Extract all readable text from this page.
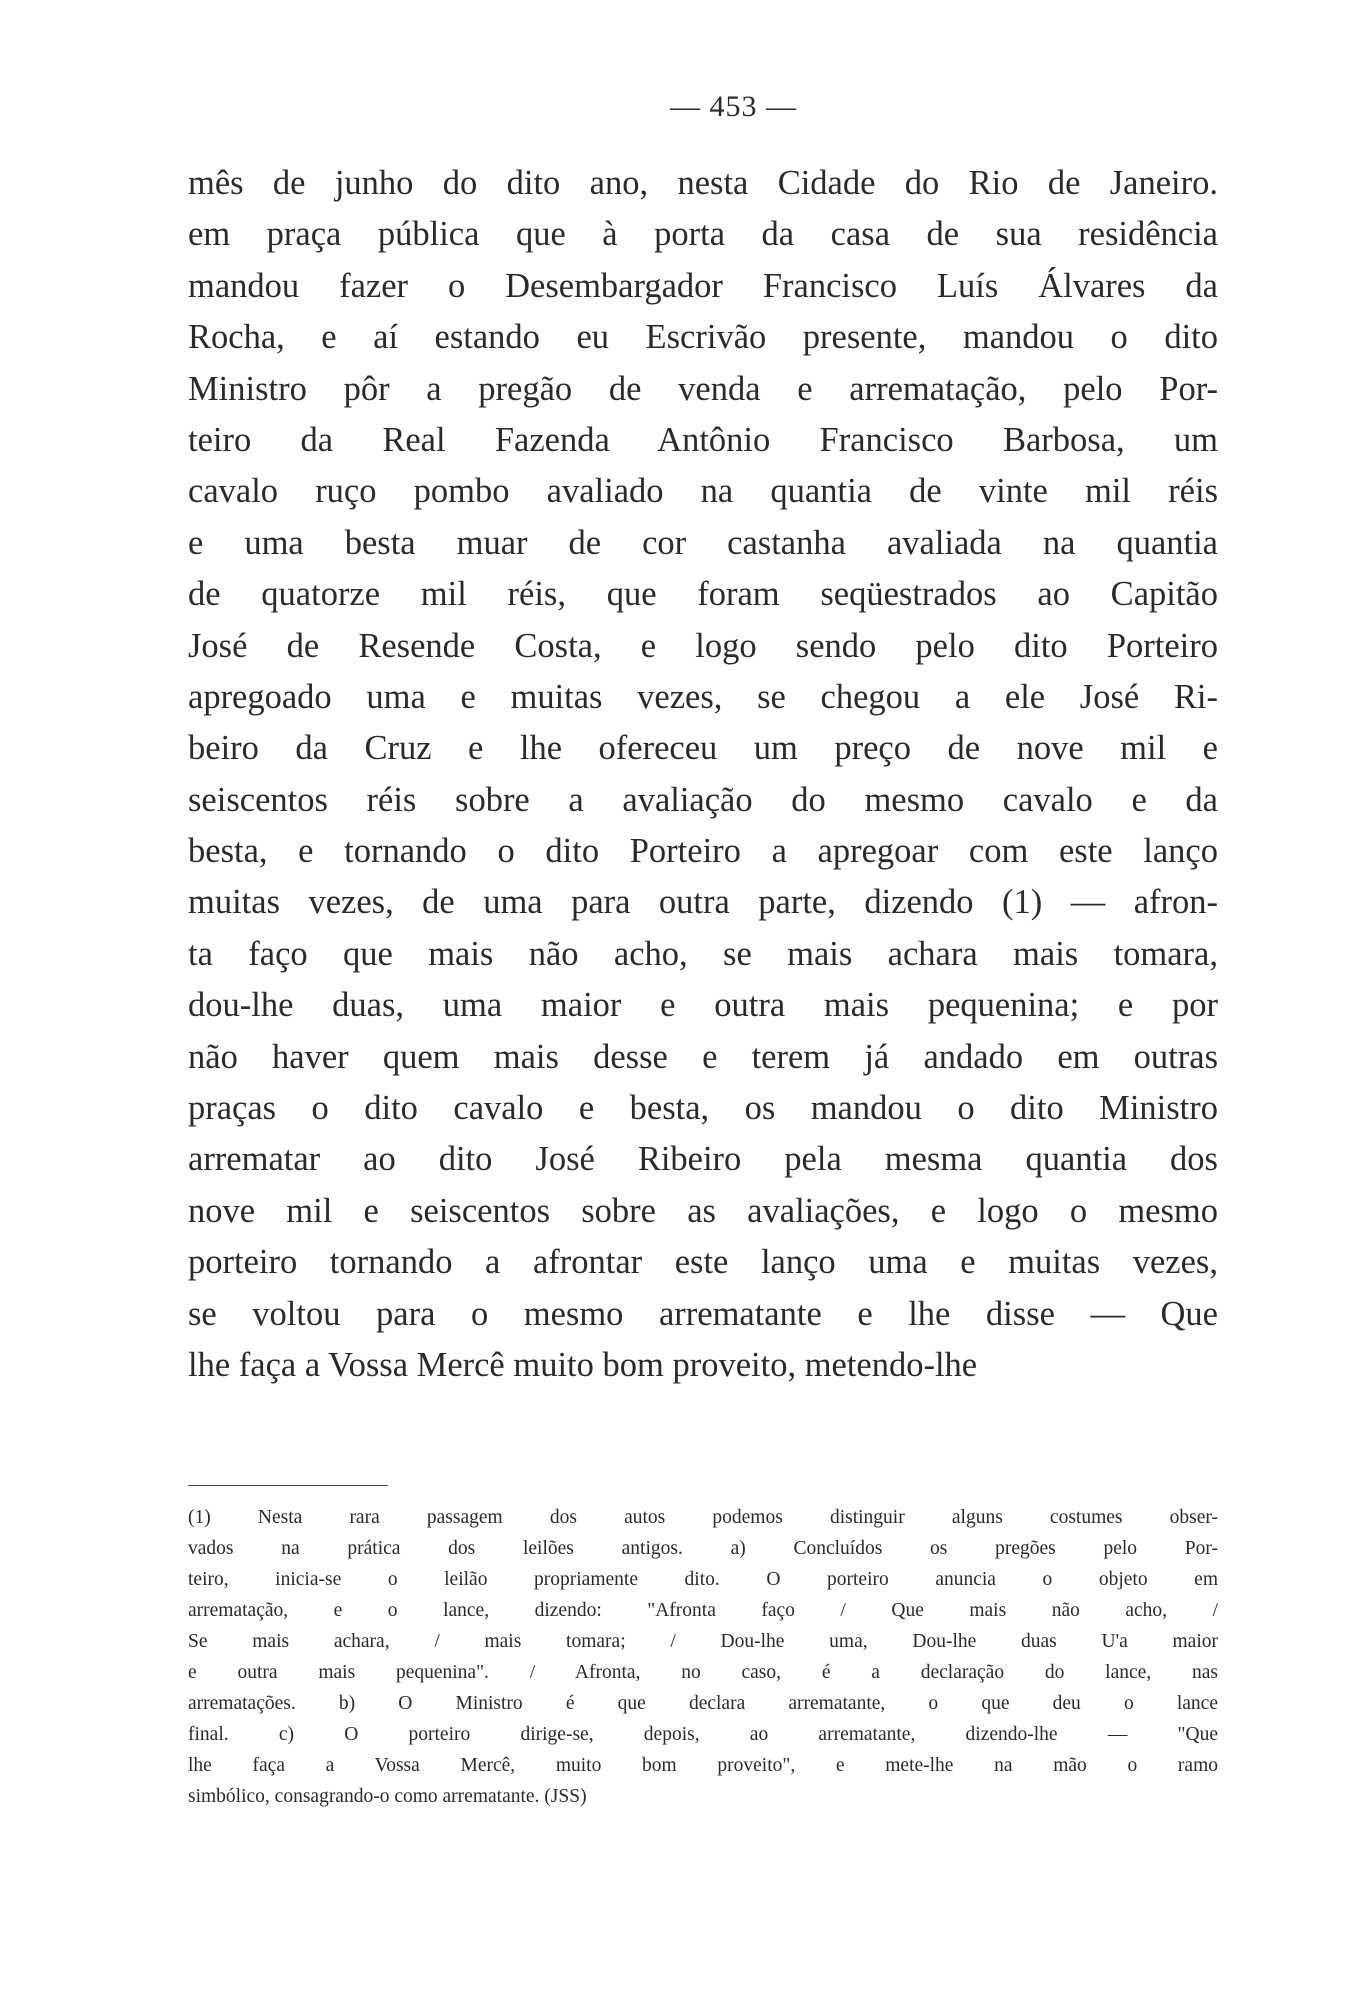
— 453 —
mês de junho do dito ano, nesta Cidade do Rio de Janeiro.
em praça pública que à porta da casa de sua residência
mandou fazer o Desembargador Francisco Luís Álvares da
Rocha, e aí estando eu Escrivão presente, mandou o dito
Ministro pôr a pregão de venda e arrematação, pelo Por-
teiro da Real Fazenda Antônio Francisco Barbosa, um
cavalo ruço pombo avaliado na quantia de vinte mil réis
e uma besta muar de cor castanha avaliada na quantia
de quatorze mil réis, que foram seqüestrados ao Capitão
José de Resende Costa, e logo sendo pelo dito Porteiro
apregoado uma e muitas vezes, se chegou a ele José Ri-
beiro da Cruz e lhe ofereceu um preço de nove mil e
seiscentos réis sobre a avaliação do mesmo cavalo e da
besta, e tornando o dito Porteiro a apregoar com este lanço
muitas vezes, de uma para outra parte, dizendo (1) — afron-
ta faço que mais não acho, se mais achara mais tomara,
dou-lhe duas, uma maior e outra mais pequenina; e por
não haver quem mais desse e terem já andado em outras
praças o dito cavalo e besta, os mandou o dito Ministro
arrematar ao dito José Ribeiro pela mesma quantia dos
nove mil e seiscentos sobre as avaliações, e logo o mesmo
porteiro tornando a afrontar este lanço uma e muitas vezes,
se voltou para o mesmo arrematante e lhe disse — Que
lhe faça a Vossa Mercê muito bom proveito, metendo-lhe
(1) Nesta rara passagem dos autos podemos distinguir alguns costumes obser-
vados na prática dos leilões antigos. a) Concluídos os pregões pelo Por-
teiro, inicia-se o leilão propriamente dito. O porteiro anuncia o objeto em
arrematação, e o lance, dizendo: "Afronta faço / Que mais não acho, /
Se mais achara, / mais tomara; / Dou-lhe uma, Dou-lhe duas U'a maior
e outra mais pequenina". / Afronta, no caso, é a declaração do lance, nas
arrematações. b) O Ministro é que declara arrematante, o que deu o lance
final. c) O porteiro dirige-se, depois, ao arrematante, dizendo-lhe — "Que
lhe faça a Vossa Mercê, muito bom proveito", e mete-lhe na mão o ramo
simbólico, consagrando-o como arrematante. (JSS)
